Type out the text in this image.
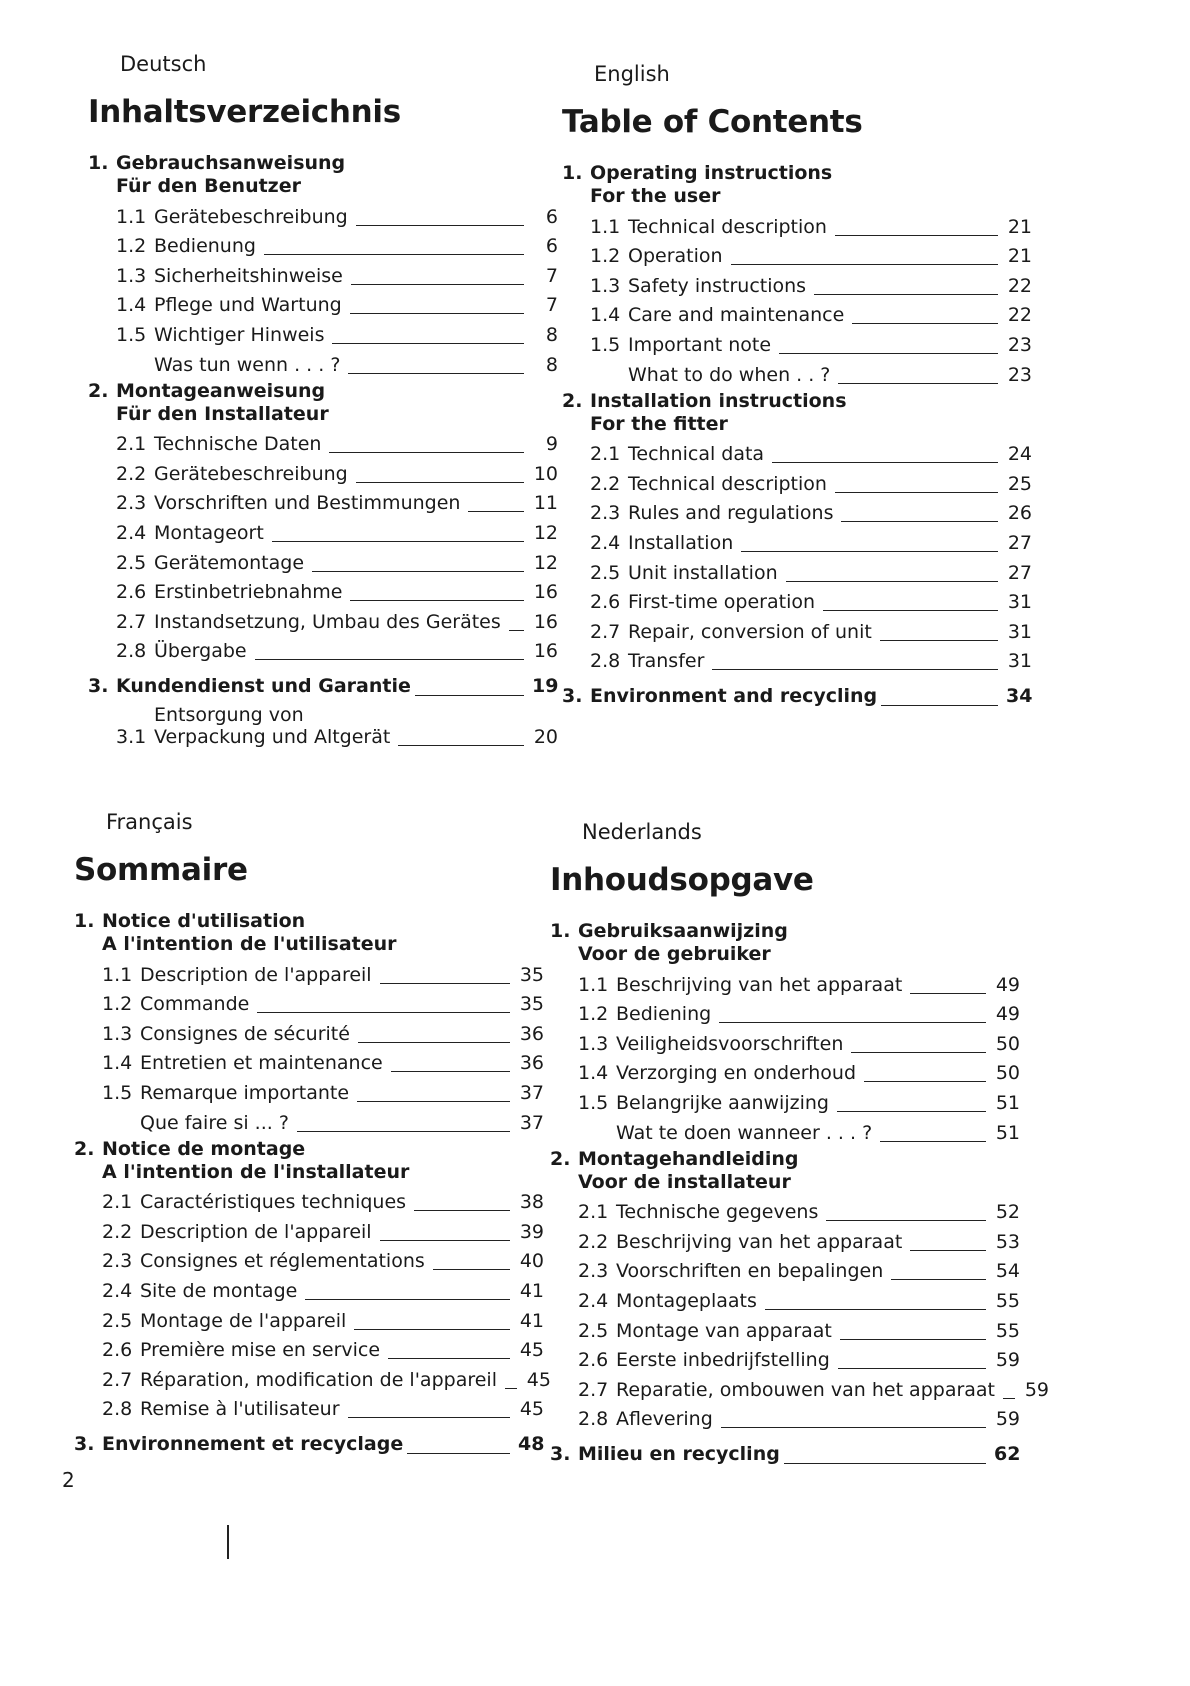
Deutsch
Inhaltsverzeichnis
1. Gebrauchsanweisung
Für den Benutzer
1.1 Gerätebeschreibung	6
1.2 Bedienung	6
1.3 Sicherheitshinweise	7
1.4 Pflege und Wartung	7
1.5 Wichtiger Hinweis	8
Was tun wenn . . . ?	8
2. Montageanweisung
Für den Installateur
2.1 Technische Daten	9
2.2 Gerätebeschreibung	10
2.3 Vorschriften und Bestimmungen	11
2.4 Montageort	12
2.5 Gerätemontage	12
2.6 Erstinbetriebnahme	16
2.7 Instandsetzung, Umbau des Gerätes 16
2.8 Übergabe	16
3. Kundendienst und Garantie	19
3.1
Entsorgung von
Verpackung und Altgerät	20
English
Table of Contents
1. Operating instructions
For the user
1.1 Technical description	21
1.2 Operation	21
1.3 Safety instructions	22
1.4 Care and maintenance	22
1.5 Important note	23
What to do when . . ?	23
2. Installation instructions
For the fitter
2.1 Technical data	24
2.2 Technical description	25
2.3 Rules and regulations	26
2.4 Installation	27
2.5 Unit installation	27
2.6 First-time operation	31
2.7 Repair, conversion of unit	31
2.8 Transfer	31
3. Environment and recycling	34
Français
Sommaire
1. Notice d'utilisation
A l'intention de l'utilisateur
1.1 Description de l'appareil	35
1.2 Commande	35
1.3 Consignes de sécurité	36
1.4 Entretien et maintenance	36
1.5 Remarque importante	37
Que faire si ... ?	37
2. Notice de montage
A l'intention de l'installateur
2.1 Caractéristiques techniques	38
2.2 Description de l'appareil	39
2.3 Consignes et réglementations	40
2.4 Site de montage	41
2.5 Montage de l'appareil	41
2.6 Première mise en service	45
2.7 Réparation, modification de l'appareil 45
2.8 Remise à l'utilisateur	45
3. Environnement et recyclage	48
Nederlands
Inhoudsopgave
1. Gebruiksaanwijzing
Voor de gebruiker
1.1 Beschrijving van het apparaat	49
1.2 Bediening	49
1.3 Veiligheidsvoorschriften	50
1.4 Verzorging en onderhoud	50
1.5 Belangrijke aanwijzing	51
Wat te doen wanneer . . . ?	51
2. Montagehandleiding
Voor de installateur
2.1 Technische gegevens	52
2.2 Beschrijving van het apparaat	53
2.3 Voorschriften en bepalingen	54
2.4 Montageplaats	55
2.5 Montage van apparaat	55
2.6 Eerste inbedrijfstelling	59
2.7 Reparatie, ombouwen van het apparaat 59
2.8 Aflevering	59
3. Milieu en recycling	62
2
